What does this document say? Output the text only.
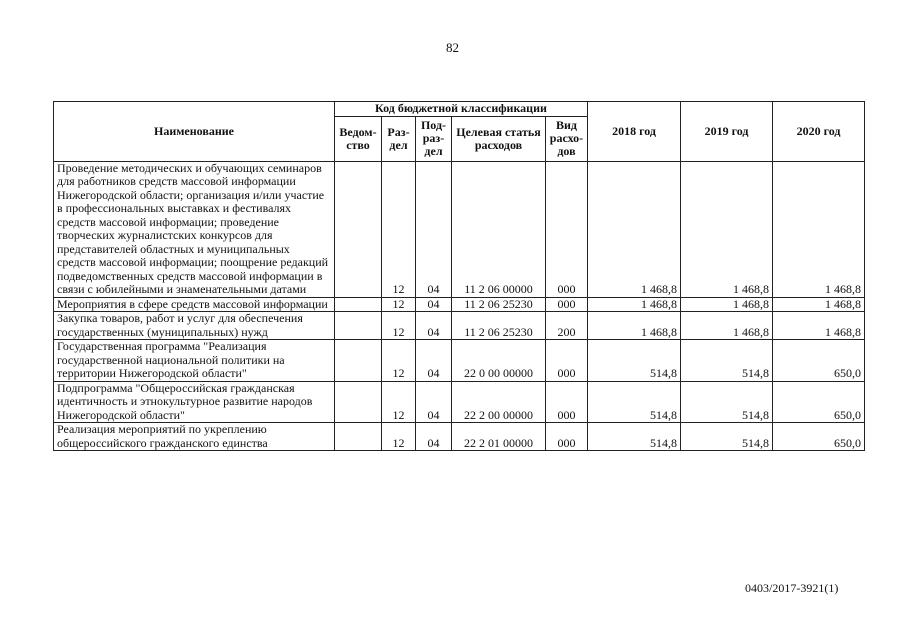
82
Наименование	Код бюджетной классификации					2018 год	2019 год	2020 год
	Ведом-ство	Раз-дел	Под-раз-дел	Целевая статья расходов	Вид расхо-дов			
Проведение методических и обучающих семинаров для работников средств массовой информации Нижегородской области; организация и/или участие в профессиональных выставках и фестивалях средств массовой информации; проведение творческих журналистских конкурсов для представителей областных и муниципальных средств массовой информации; поощрение редакций подведомственных средств массовой информации в связи с юбилейными и знаменательными датами		12	04	11 2 06 00000	000	1 468,8	1 468,8	1 468,8
Мероприятия в сфере средств массовой информации		12	04	11 2 06 25230	000	1 468,8	1 468,8	1 468,8
Закупка товаров, работ и услуг для обеспечения государственных (муниципальных) нужд		12	04	11 2 06 25230	200	1 468,8	1 468,8	1 468,8
Государственная программа "Реализация государственной национальной политики на территории Нижегородской области"		12	04	22 0 00 00000	000	514,8	514,8	650,0
Подпрограмма "Общероссийская гражданская идентичность и этнокультурное развитие народов Нижегородской области"		12	04	22 2 00 00000	000	514,8	514,8	650,0
Реализация мероприятий по укреплению общероссийского гражданского единства		12	04	22 2 01 00000	000	514,8	514,8	650,0
0403/2017-3921(1)
